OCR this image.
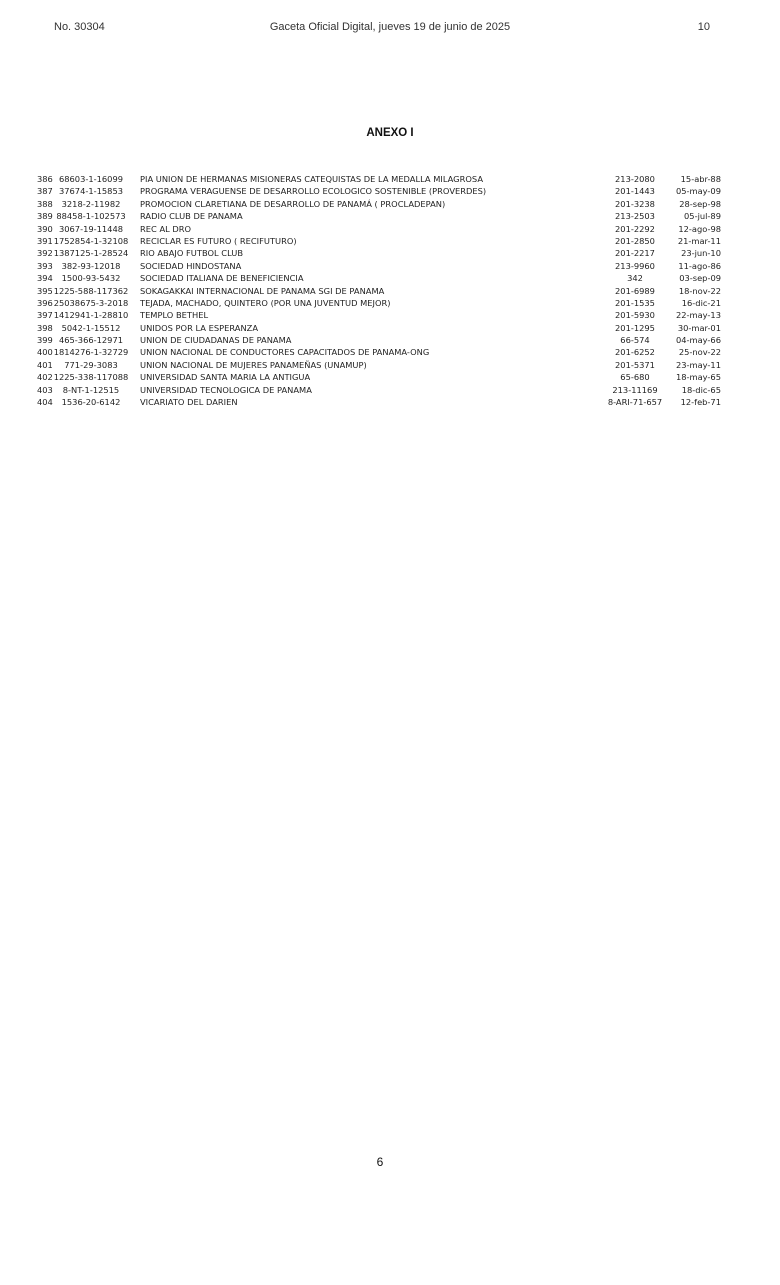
No. 30304	Gaceta Oficial Digital, jueves 19 de junio de 2025	10
ANEXO I
386 68603-1-16099	PIA UNION DE HERMANAS MISIONERAS CATEQUISTAS DE LA MEDALLA MILAGROSA	213-2080	15-abr-88
387 37674-1-15853	PROGRAMA VERAGUENSE DE DESARROLLO ECOLOGICO SOSTENIBLE (PROVERDES)	201-1443	05-may-09
388	3218-2-11982	PROMOCION CLARETIANA DE DESARROLLO DE PANAMÁ ( PROCLADEPAN)	201-3238	28-sep-98
389 88458-1-102573	RADIO CLUB DE PANAMA	213-2503	05-jul-89
390 3067-19-11448	REC AL DRO	201-2292	12-ago-98
391 1752854-1-32108	RECICLAR ES FUTURO ( RECIFUTURO)	201-2850	21-mar-11
392 1387125-1-28524	RIO ABAJO FUTBOL CLUB	201-2217	23-jun-10
393	382-93-12018	SOCIEDAD HINDOSTANA	213-9960	11-ago-86
394	1500-93-5432	SOCIEDAD ITALIANA DE BENEFICIENCIA	342	03-sep-09
395 1225-588-117362	SOKAGAKKAI INTERNACIONAL DE PANAMA SGI DE PANAMA	201-6989	18-nov-22
396 25038675-3-2018	TEJADA, MACHADO, QUINTERO (POR UNA JUVENTUD MEJOR)	201-1535	16-dic-21
397 1412941-1-28810	TEMPLO BETHEL	201-5930	22-may-13
398	5042-1-15512	UNIDOS POR LA ESPERANZA	201-1295	30-mar-01
399 465-366-12971	UNION DE CIUDADANAS DE PANAMA	66-574	04-may-66
400 1814276-1-32729	UNION NACIONAL DE CONDUCTORES CAPACITADOS DE PANAMA-ONG	201-6252	25-nov-22
401	771-29-3083	UNION NACIONAL DE MUJERES PANAMEÑAS (UNAMUP)	201-5371	23-may-11
402 1225-338-117088	UNIVERSIDAD SANTA MARIA LA ANTIGUA	65-680	18-may-65
403	8-NT-1-12515	UNIVERSIDAD TECNOLOGICA DE PANAMA	213-11169	18-dic-65
404	1536-20-6142	VICARIATO DEL DARIEN	8-ARI-71-657	12-feb-71
6
